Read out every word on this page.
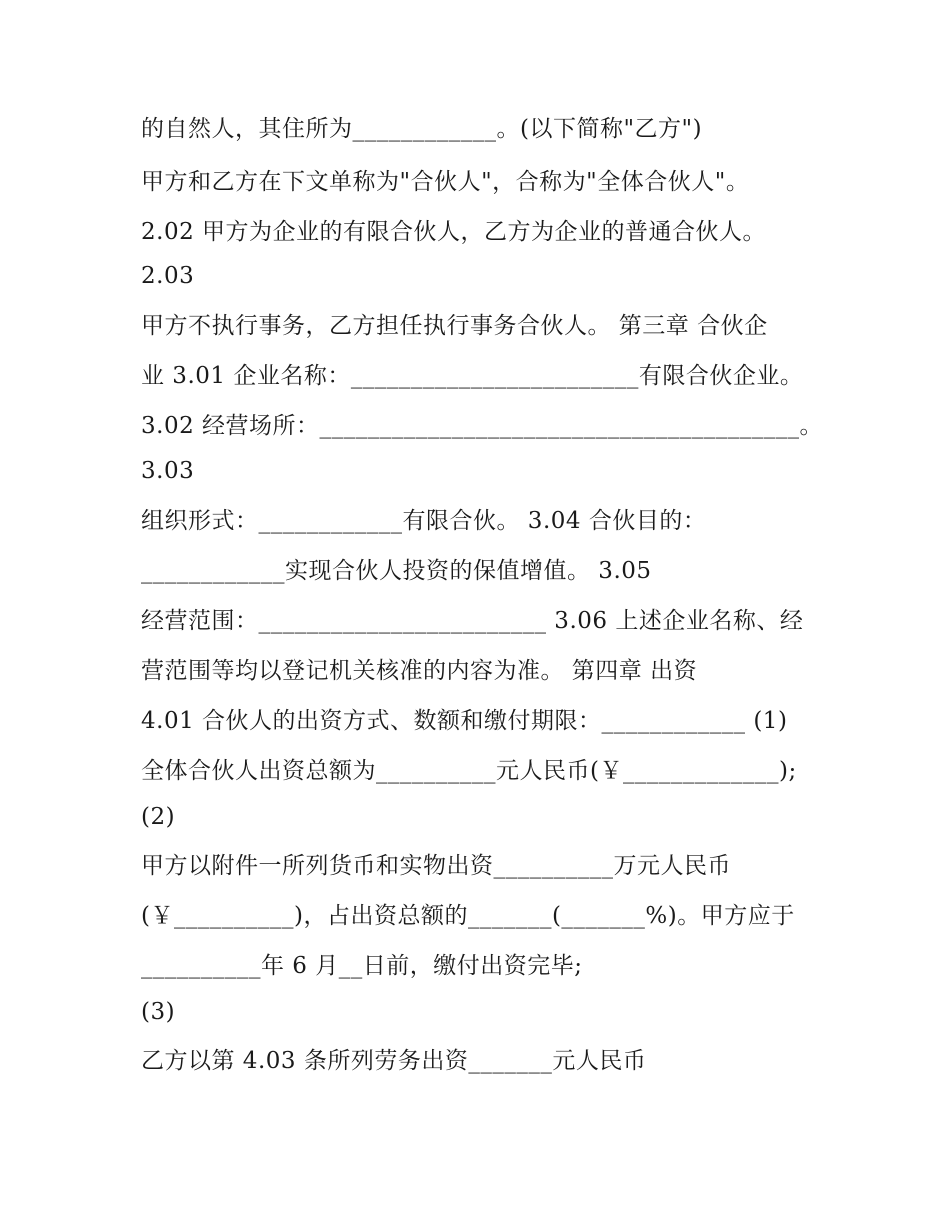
的自然人，其住所为____________。(以下简称"乙方")
甲方和乙方在下文单称为"合伙人"，合称为"全体合伙人"。
2.02 甲方为企业的有限合伙人，乙方为企业的普通合伙人。
2.03
甲方不执行事务，乙方担任执行事务合伙人。 第三章 合伙企
业 3.01 企业名称：________________________有限合伙企业。
3.02 经营场所：________________________________________。
3.03
组织形式：____________有限合伙。 3.04 合伙目的：
____________实现合伙人投资的保值增值。 3.05
经营范围：________________________ 3.06 上述企业名称、经
营范围等均以登记机关核准的内容为准。 第四章 出资
4.01 合伙人的出资方式、数额和缴付期限：____________ (1)
全体合伙人出资总额为__________元人民币(￥_____________);
(2)
甲方以附件一所列货币和实物出资__________万元人民币
(￥__________)，占出资总额的_______(_______%)。甲方应于
__________年 6 月__日前，缴付出资完毕;
(3)
乙方以第 4.03 条所列劳务出资_______元人民币
